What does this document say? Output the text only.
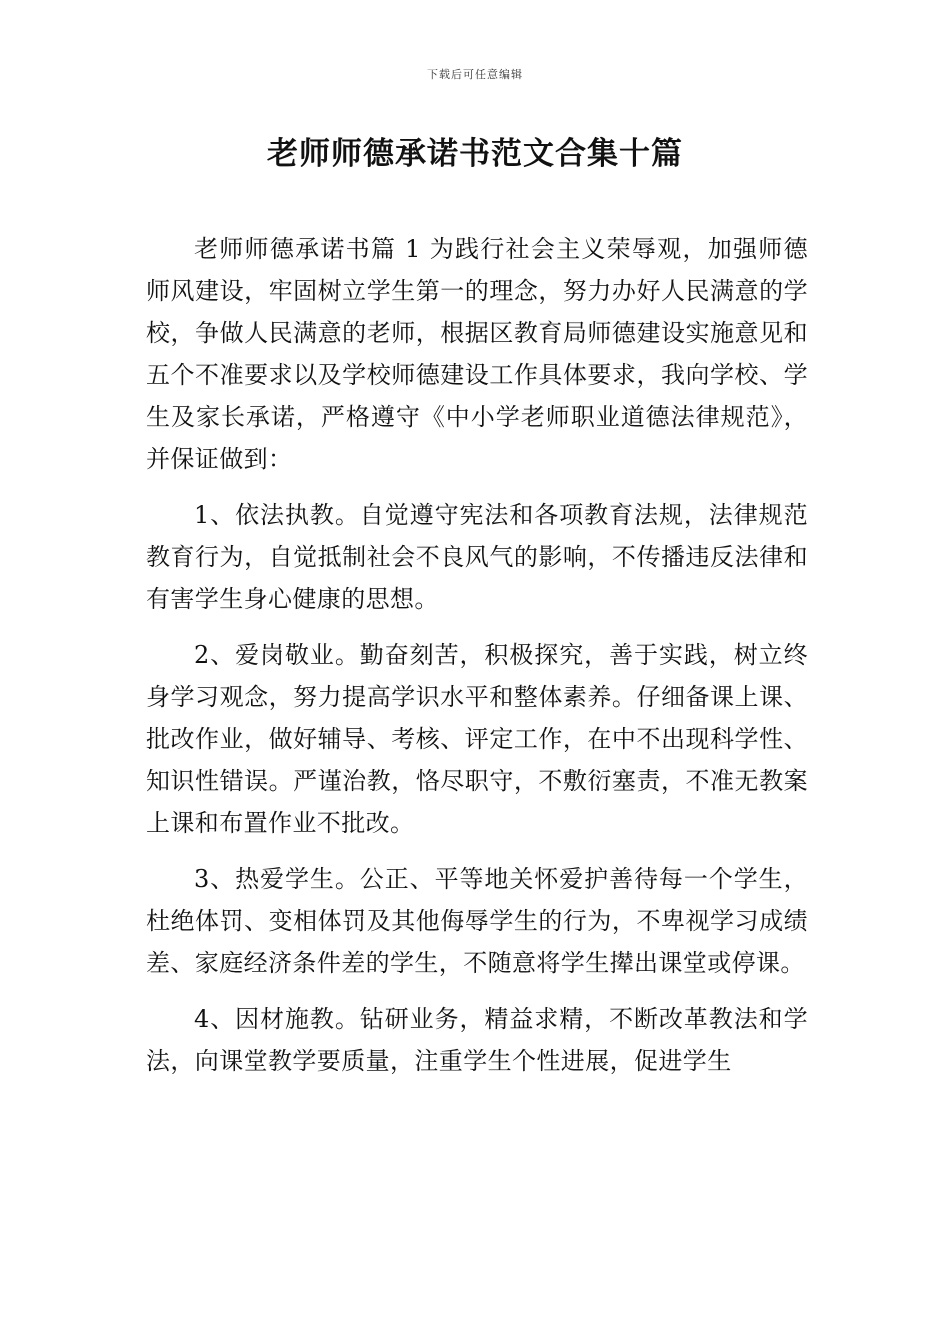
下载后可任意编辑
老师师德承诺书范文合集十篇

老师师德承诺书篇 1 为践行社会主义荣辱观，加强师德师风建设，牢固树立学生第一的理念，努力办好人民满意的学校，争做人民满意的老师，根据区教育局师德建设实施意见和五个不准要求以及学校师德建设工作具体要求，我向学校、学生及家长承诺，严格遵守《中小学老师职业道德法律规范》，并保证做到：

1、依法执教。自觉遵守宪法和各项教育法规，法律规范教育行为，自觉抵制社会不良风气的影响，不传播违反法律和有害学生身心健康的思想。

2、爱岗敬业。勤奋刻苦，积极探究，善于实践，树立终身学习观念，努力提高学识水平和整体素养。仔细备课上课、批改作业，做好辅导、考核、评定工作，在中不出现科学性、知识性错误。严谨治教，恪尽职守，不敷衍塞责，不准无教案上课和布置作业不批改。

3、热爱学生。公正、平等地关怀爱护善待每一个学生，杜绝体罚、变相体罚及其他侮辱学生的行为，不卑视学习成绩差、家庭经济条件差的学生，不随意将学生撵出课堂或停课。

4、因材施教。钻研业务，精益求精，不断改革教法和学法，向课堂教学要质量，注重学生个性进展，促进学生
